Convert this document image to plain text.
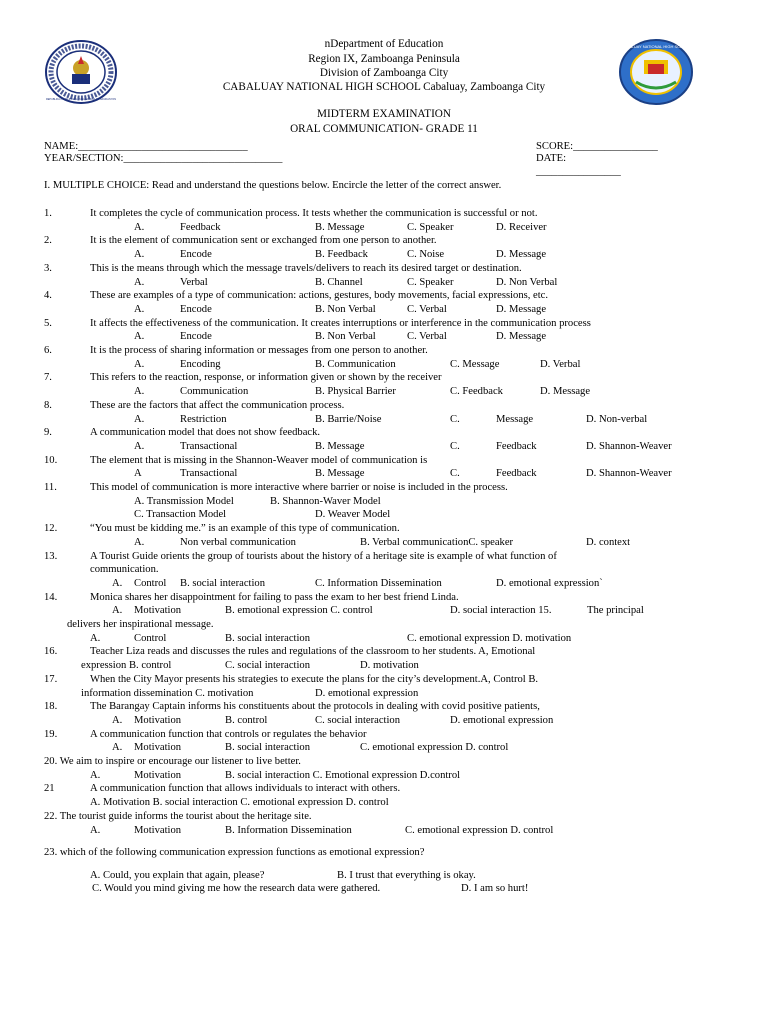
REPUBLIKA NG PILIPINAS · KAGAWARAN NG EDUKASYON
CABALUAY NATIONAL HIGH SCHOOL
nDepartment of Education
Region IX, Zamboanga Peninsula
Division of Zamboanga City
CABALUAY NATIONAL HIGH SCHOOL Cabaluay, Zamboanga City
MIDTERM EXAMINATION
ORAL COMMUNICATION- GRADE 11
NAME:________________________________
YEAR/SECTION:______________________________
SCORE:________________
DATE:
________________
I. MULTIPLE CHOICE: Read and understand the questions below. Encircle the letter of the correct answer.
1.	It completes the cycle of communication process. It tests whether the communication is successful or not.
A.	Feedback	B. Message	C. Speaker	D. Receiver
2.	It is the element of communication sent or exchanged from one person to another.
A.	Encode	B. Feedback	C. Noise	D. Message
3.	This is the means through which the message travels/delivers to reach its desired target or destination.
A.	Verbal	B. Channel	C. Speaker	D. Non Verbal
4.	These are examples of a type of communication: actions, gestures, body movements, facial expressions, etc.
A.	Encode	B. Non Verbal	C. Verbal	D. Message
5.	It affects the effectiveness of the communication. It creates interruptions or interference in the communication process
A.	Encode	B. Non Verbal	C. Verbal	D. Message
6.	It is the process of sharing information or messages from one person to another.
A.	Encoding	B. Communication	C. Message	D. Verbal
7.	This refers to the reaction, response, or information given or shown by the receiver
A.	Communication	B. Physical Barrier	C. Feedback	D. Message
8.	These are the factors that affect the communication process.
A.	Restriction	B. Barrie/Noise	C.	Message	D. Non-verbal
9.	A communication model that does not show feedback.
A.	Transactional	B. Message	C.	Feedback	D. Shannon-Weaver
10.	The element that is missing in the Shannon-Weaver model of communication is
A	Transactional	B. Message	C.	Feedback	D. Shannon-Weaver
11.	This model of communication is more interactive where barrier or noise is included in the process.
A. Transmission Model	B. Shannon-Waver Model
C. Transaction Model	D. Weaver Model
12.	“You must be kidding me.” is an example of this type of communication.
A.	Non verbal communication	B. Verbal communicationC. speaker	D. context
13.	A Tourist Guide orients the group of tourists about the history of a heritage site is example of what function of
communication.
A. Control B. social interaction	C. Information Dissemination	D. emotional expression`
14.	Monica shares her disappointment for failing to pass the exam to her best friend Linda.
A. Motivation	B. emotional expression C. control	D. social interaction 15.	The principal
delivers her inspirational message.
A.	Control	B. social interaction	C. emotional expression D. motivation
16.	Teacher Liza reads and discusses the rules and regulations of the classroom to her students. A, Emotional
expression B. control	C. social interaction	D. motivation
17.	When the City Mayor presents his strategies to execute the plans for the city’s development.A, Control B.
information dissemination C. motivation	D. emotional expression
18.	The Barangay Captain informs his constituents about the protocols in dealing with covid positive patients,
A. Motivation	B. control	C. social interaction	D. emotional expression
19.	A communication function that controls or regulates the behavior
A. Motivation	B. social interaction	C. emotional expression D. control
20. We aim to inspire or encourage our listener to live better.
A.	Motivation	B. social interaction C. Emotional expression D.control
21	A communication function that allows individuals to interact with others.
A. Motivation B. social interaction C. emotional expression D. control
22. The tourist guide informs the tourist about the heritage site.
A.	Motivation	B. Information Dissemination	C. emotional expression D. control
23. which of the following communication expression functions as emotional expression?
A. Could, you explain that again, please?	B. I trust that everything is okay.
C. Would you mind giving me how the research data were gathered.	D. I am so hurt!
